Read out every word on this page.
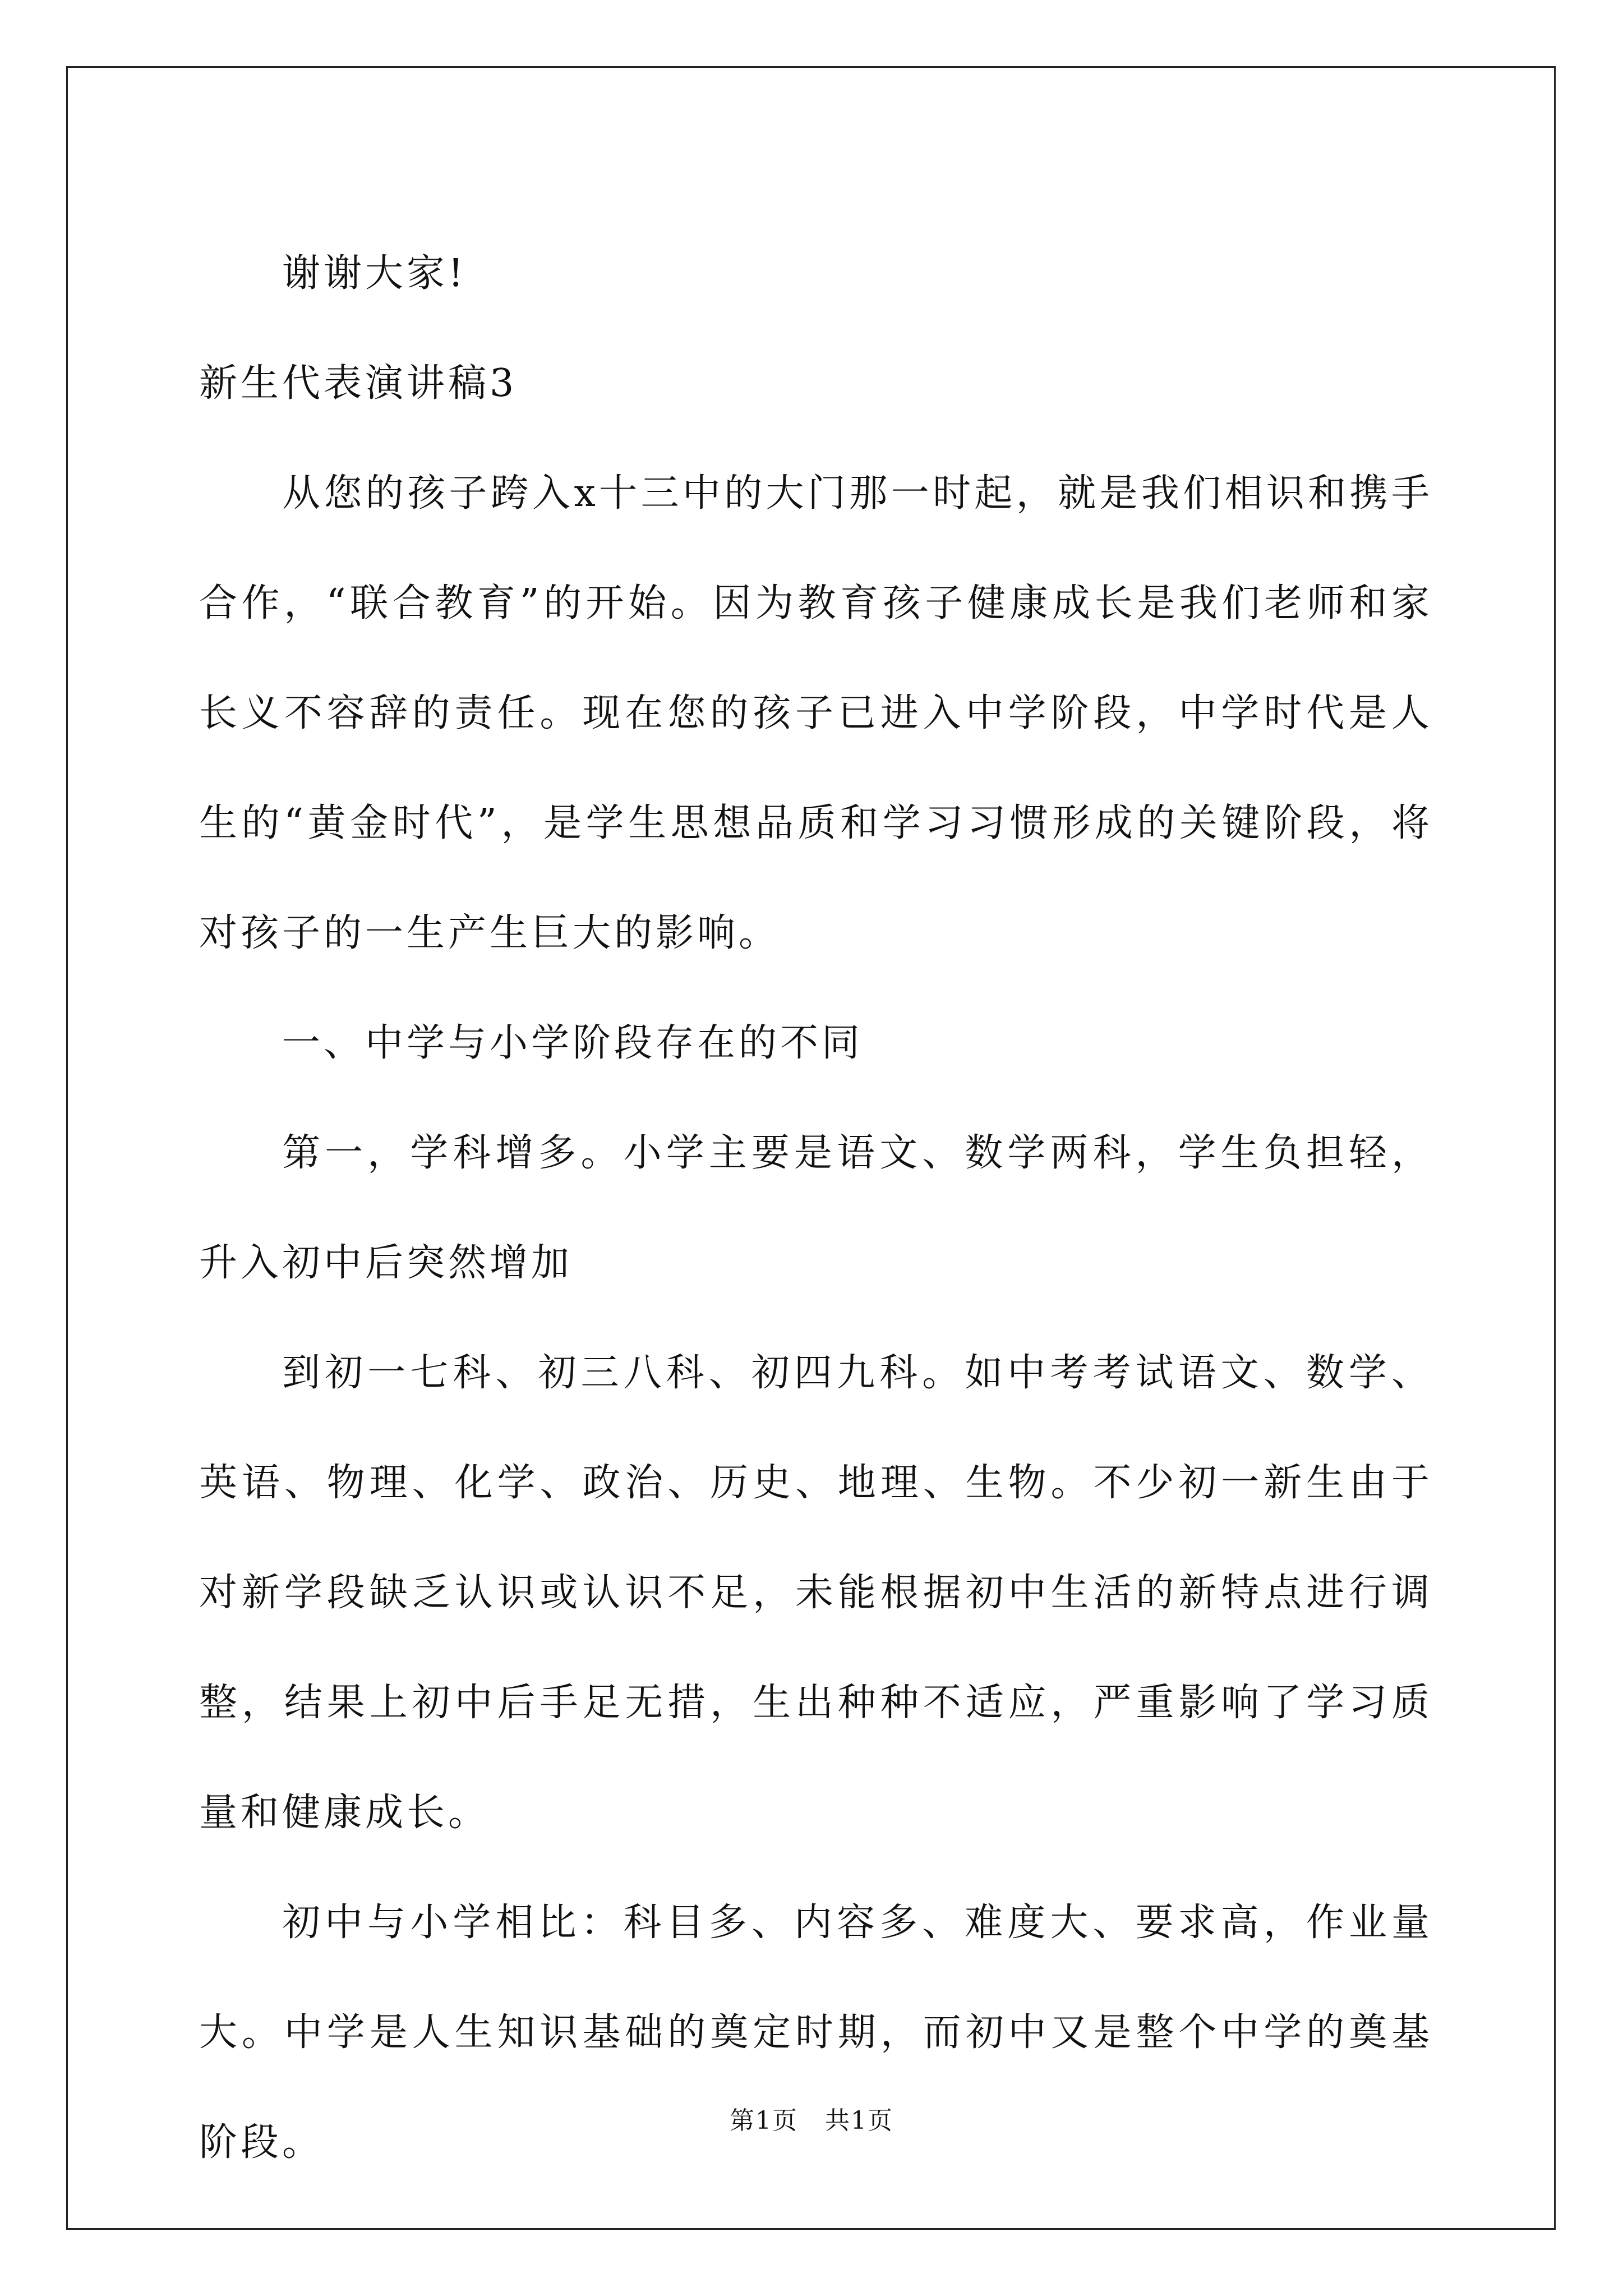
谢谢大家!

新生代表演讲稿3

从您的孩子跨入x十三中的大门那一时起，就是我们相识和携手合作，“联合教育”的开始。因为教育孩子健康成长是我们老师和家长义不容辞的责任。现在您的孩子已进入中学阶段，中学时代是人生的“黄金时代”，是学生思想品质和学习习惯形成的关键阶段，将对孩子的一生产生巨大的影响。

一、中学与小学阶段存在的不同

第一，学科增多。小学主要是语文、数学两科，学生负担轻，升入初中后突然增加

到初一七科、初三八科、初四九科。如中考考试语文、数学、英语、物理、化学、政治、历史、地理、生物。不少初一新生由于对新学段缺乏认识或认识不足，未能根据初中生活的新特点进行调整，结果上初中后手足无措，生出种种不适应，严重影响了学习质量和健康成长。

初中与小学相比：科目多、内容多、难度大、要求高，作业量大。中学是人生知识基础的奠定时期，而初中又是整个中学的奠基阶段。	第1页 共1页
